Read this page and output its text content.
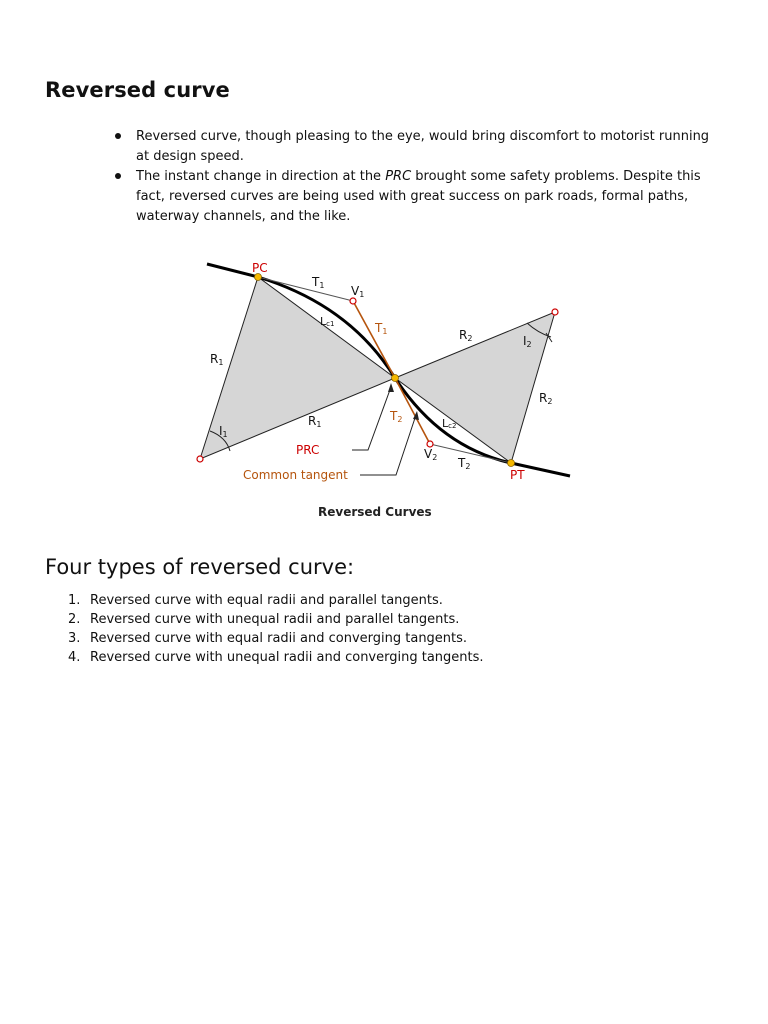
Reversed curve
Reversed curve, though pleasing to the eye, would bring discomfort to motorist running at design speed.
The instant change in direction at the PRC brought some safety problems. Despite this fact, reversed curves are being used with great success on park roads, formal paths, waterway channels, and the like.
PC
PT
PRC
Common tangent
T1 V1
Lc1	T1	R2	I2
R1
R2
R1
T2	Lc2
I1
V2 T2
Reversed Curves
Four types of reversed curve:
1. Reversed curve with equal radii and parallel tangents.
2. Reversed curve with unequal radii and parallel tangents.
3. Reversed curve with equal radii and converging tangents.
4. Reversed curve with unequal radii and converging tangents.
